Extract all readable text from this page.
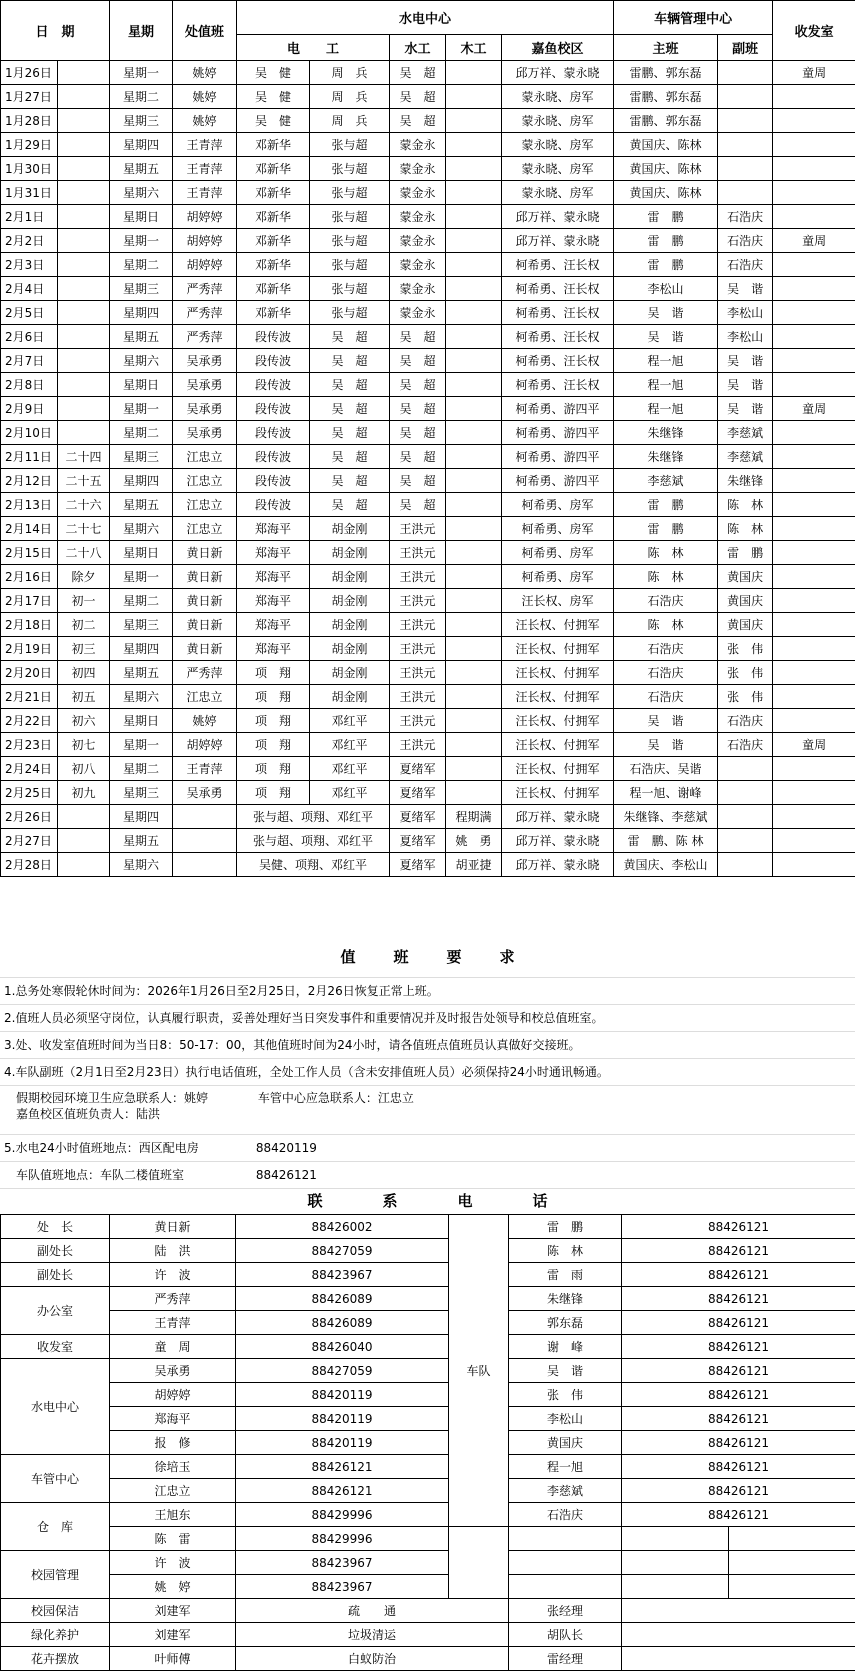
日　期		星期	处值班	水电中心					车辆管理中心		收发室
				电　　工		水工	木工	嘉鱼校区	主班	副班	
1月26日		星期一	姚婷	吴　健	周　兵	吴　超		邱万祥、蒙永晓	雷鹏、郭东磊		童周
1月27日		星期二	姚婷	吴　健	周　兵	吴　超		蒙永晓、房军	雷鹏、郭东磊		
1月28日		星期三	姚婷	吴　健	周　兵	吴　超		蒙永晓、房军	雷鹏、郭东磊		
1月29日		星期四	王青萍	邓新华	张与超	蒙金永		蒙永晓、房军	黄国庆、陈林		
1月30日		星期五	王青萍	邓新华	张与超	蒙金永		蒙永晓、房军	黄国庆、陈林		
1月31日		星期六	王青萍	邓新华	张与超	蒙金永		蒙永晓、房军	黄国庆、陈林		
2月1日		星期日	胡婷婷	邓新华	张与超	蒙金永		邱万祥、蒙永晓	雷　鹏	石浩庆	
2月2日		星期一	胡婷婷	邓新华	张与超	蒙金永		邱万祥、蒙永晓	雷　鹏	石浩庆	童周
2月3日		星期二	胡婷婷	邓新华	张与超	蒙金永		柯希勇、汪长权	雷　鹏	石浩庆	
2月4日		星期三	严秀萍	邓新华	张与超	蒙金永		柯希勇、汪长权	李松山	吴　谐	
2月5日		星期四	严秀萍	邓新华	张与超	蒙金永		柯希勇、汪长权	吴　谐	李松山	
2月6日		星期五	严秀萍	段传波	吴　超	吴　超		柯希勇、汪长权	吴　谐	李松山	
2月7日		星期六	吴承勇	段传波	吴　超	吴　超		柯希勇、汪长权	程一旭	吴　谐	
2月8日		星期日	吴承勇	段传波	吴　超	吴　超		柯希勇、汪长权	程一旭	吴　谐	
2月9日		星期一	吴承勇	段传波	吴　超	吴　超		柯希勇、游四平	程一旭	吴　谐	童周
2月10日		星期二	吴承勇	段传波	吴　超	吴　超		柯希勇、游四平	朱继锋	李慈斌	
2月11日	二十四	星期三	江忠立	段传波	吴　超	吴　超		柯希勇、游四平	朱继锋	李慈斌	
2月12日	二十五	星期四	江忠立	段传波	吴　超	吴　超		柯希勇、游四平	李慈斌	朱继锋	
2月13日	二十六	星期五	江忠立	段传波	吴　超	吴　超		柯希勇、房军	雷　鹏	陈　林	
2月14日	二十七	星期六	江忠立	郑海平	胡金刚	王洪元		柯希勇、房军	雷　鹏	陈　林	
2月15日	二十八	星期日	黄日新	郑海平	胡金刚	王洪元		柯希勇、房军	陈　林	雷　鹏	
2月16日	除夕	星期一	黄日新	郑海平	胡金刚	王洪元		柯希勇、房军	陈　林	黄国庆	
2月17日	初一	星期二	黄日新	郑海平	胡金刚	王洪元		汪长权、房军	石浩庆	黄国庆	
2月18日	初二	星期三	黄日新	郑海平	胡金刚	王洪元		汪长权、付拥军	陈　林	黄国庆	
2月19日	初三	星期四	黄日新	郑海平	胡金刚	王洪元		汪长权、付拥军	石浩庆	张　伟	
2月20日	初四	星期五	严秀萍	项　翔	胡金刚	王洪元		汪长权、付拥军	石浩庆	张　伟	
2月21日	初五	星期六	江忠立	项　翔	胡金刚	王洪元		汪长权、付拥军	石浩庆	张　伟	
2月22日	初六	星期日	姚婷	项　翔	邓红平	王洪元		汪长权、付拥军	吴　谐	石浩庆	
2月23日	初七	星期一	胡婷婷	项　翔	邓红平	王洪元		汪长权、付拥军	吴　谐	石浩庆	童周
2月24日	初八	星期二	王青萍	项　翔	邓红平	夏绪军		汪长权、付拥军	石浩庆、吴谐		
2月25日	初九	星期三	吴承勇	项　翔	邓红平	夏绪军		汪长权、付拥军	程一旭、谢峰		
2月26日		星期四		张与超、项翔、邓红平		夏绪军	程期满	邱万祥、蒙永晓	朱继锋、李慈斌		
2月27日		星期五		张与超、项翔、邓红平		夏绪军	姚　勇	邱万祥、蒙永晓	雷　鹏、陈 林		
2月28日		星期六		吴健、项翔、邓红平		夏绪军	胡亚捷	邱万祥、蒙永晓	黄国庆、李松山		
值班要求
1.总务处寒假轮休时间为：2026年1月26日至2月25日，2月26日恢复正常上班。
2.值班人员必须坚守岗位，认真履行职责，妥善处理好当日突发事件和重要情况并及时报告处领导和校总值班室。
3.处、收发室值班时间为当日8：50-17：00，其他值班时间为24小时，请各值班点值班员认真做好交接班。
4.车队副班（2月1日至2月23日）执行电话值班，全处工作人员（含未安排值班人员）必须保持24小时通讯畅通。
假期校园环境卫生应急联系人：姚婷	车管中心应急联系人：江忠立
嘉鱼校区值班负责人：陆洪
5.水电24小时值班地点：西区配电房	88420119
车队值班地点：车队二楼值班室	88426121
联系电话
处　长	黄日新	88426002	车队	雷　鹏	88426121	
副处长	陆　洪	88427059		陈　林	88426121	
副处长	许　波	88423967		雷　雨	88426121	
办公室	严秀萍	88426089		朱继锋	88426121	
	王青萍	88426089		郭东磊	88426121	
收发室	童　周	88426040		谢　峰	88426121	
水电中心	吴承勇	88427059		吴　谐	88426121	
	胡婷婷	88420119		张　伟	88426121	
	郑海平	88420119		李松山	88426121	
	报　修	88420119		黄国庆	88426121	
车管中心	徐培玉	88426121		程一旭	88426121	
	江忠立	88426121		李慈斌	88426121	
仓　库	王旭东	88429996		石浩庆	88426121	
	陈　雷	88429996				
校园管理	许　波	88423967				
	姚　婷	88423967				
校园保洁	刘建军	疏　　通		张经理		
绿化养护	刘建军	垃圾清运		胡队长		
花卉摆放	叶师傅	白蚁防治		雷经理		
